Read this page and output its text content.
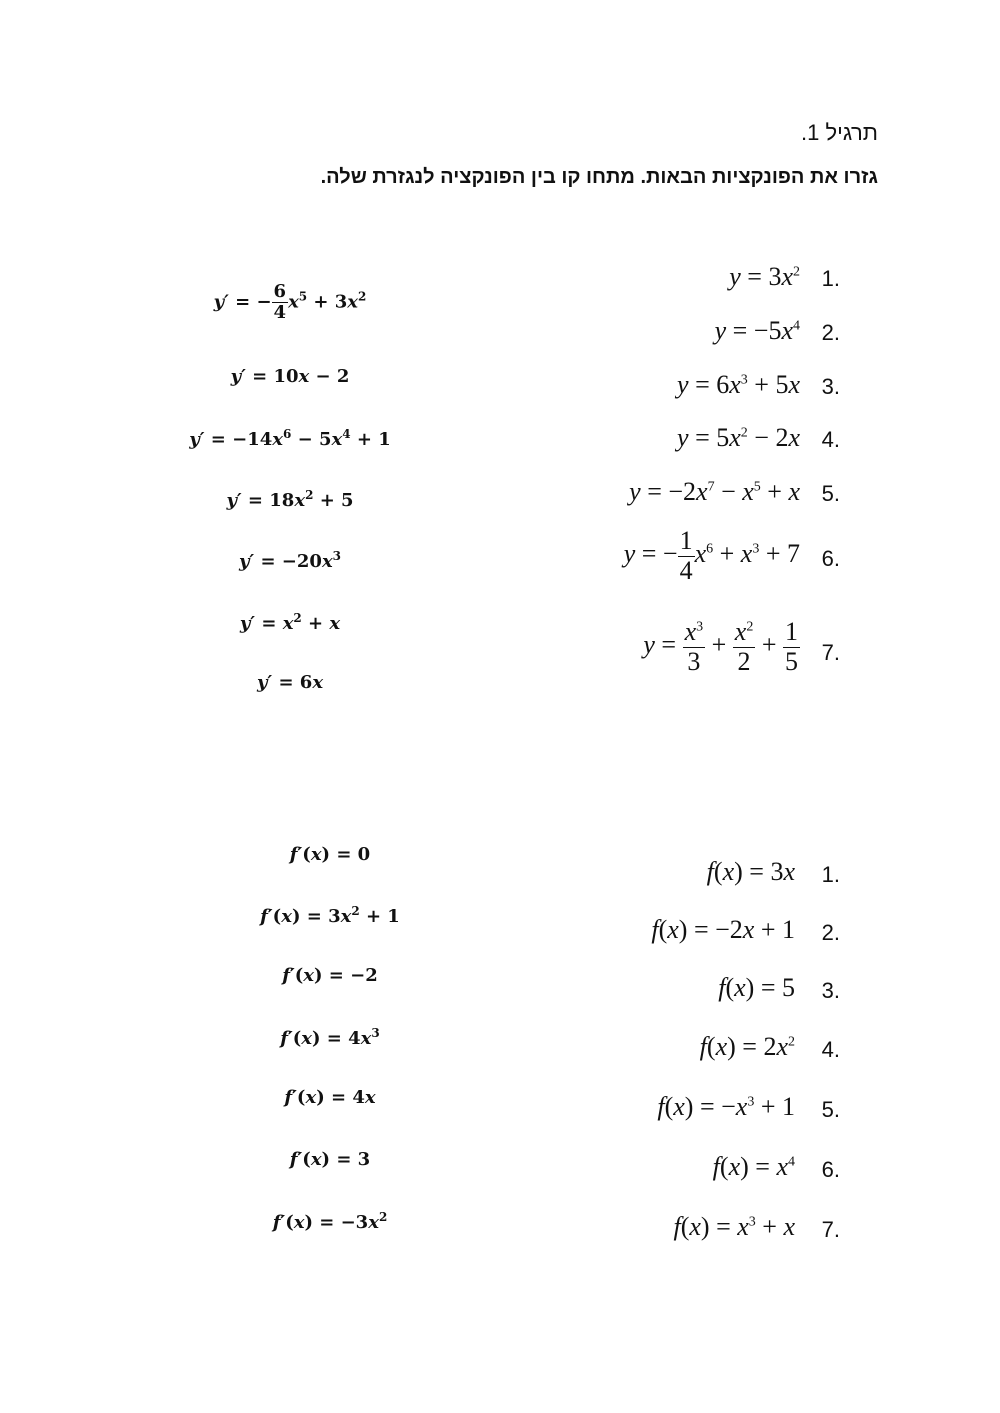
תרגיל 1.
גזרו את הפונקציות הבאות. מתחו קו בין הפונקציה לנגזרת שלה.
1.
$y = 3x^2$
2.
$y = -5x^4$
3.
$y = 6x^3 + 5x$
4.
$y = 5x^2 - 2x$
5.
$y = -2x^7 - x^5 + x$
6.
y = − $\frac{1}{4} x^6 + x^3 + 7$
7.
$y = \frac{x^3}{3} + \frac{x^2}{2} + \frac{1}{5}$
y′ = − $\frac{6}{4} x^5 + 3x^2$
y′ = 10x − 2
$y' = -14x^6 - 5x^4 + 1$
$y' = 18x^2 + 5$
$y' = -20x^3$
$y' = x^2 + x$
y′ = 6x
1.
f(x) = 3x
2.
f(x) = −2x + 1
3.
f(x) = 5
4.
$f(x) = 2x^2$
5.
$f(x) = -x^3 + 1$
6.
$f(x) = x^4$
7.
$f(x) = x^3 + x$
f′(x) = 0
$f'(x) = 3x^2 + 1$
f′(x) = −2
$f'(x) = 4x^3$
f′(x) = 4x
f′(x) = 3
$f'(x) = -3x^2$
